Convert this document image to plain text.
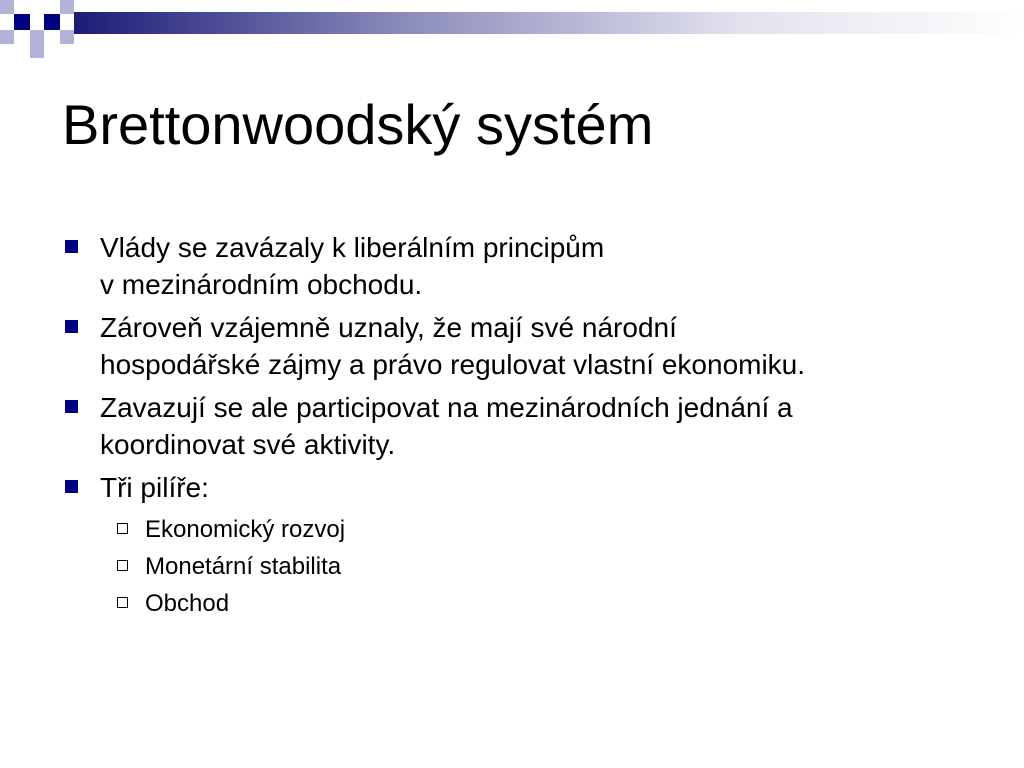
Brettonwoodský systém
Vlády se zavázaly k liberálním principům
v mezinárodním obchodu.
Zároveň vzájemně uznaly, že mají své národní
hospodářské zájmy a právo regulovat vlastní ekonomiku.
Zavazují se ale participovat na mezinárodních jednání a
koordinovat své aktivity.
Tři pilíře:
Ekonomický rozvoj
Monetární stabilita
Obchod
